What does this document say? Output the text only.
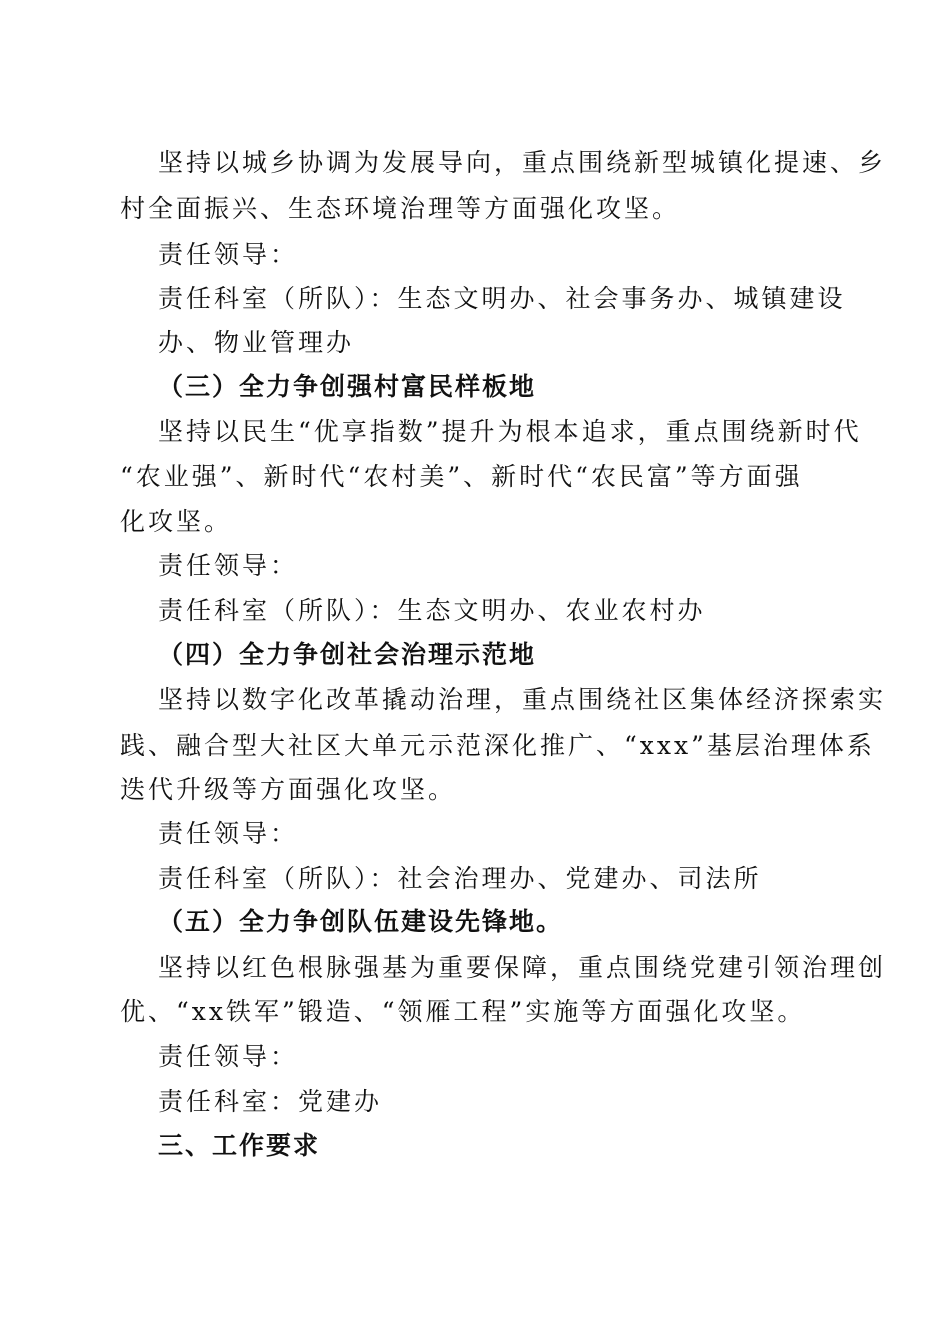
坚持以城乡协调为发展导向，重点围绕新型城镇化提速、乡
村全面振兴、生态环境治理等方面强化攻坚。
责任领导：
责任科室（所队）：生态文明办、社会事务办、城镇建设
办、物业管理办
（三）全力争创强村富民样板地
坚持以民生“优享指数”提升为根本追求，重点围绕新时代
“农业强”、新时代“农村美”、新时代“农民富”等方面强
化攻坚。
责任领导：
责任科室（所队）：生态文明办、农业农村办
（四）全力争创社会治理示范地
坚持以数字化改革撬动治理，重点围绕社区集体经济探索实
践、融合型大社区大单元示范深化推广、“xxx”基层治理体系
迭代升级等方面强化攻坚。
责任领导：
责任科室（所队）：社会治理办、党建办、司法所
（五）全力争创队伍建设先锋地。
坚持以红色根脉强基为重要保障，重点围绕党建引领治理创
优、“xx铁军”锻造、“领雁工程”实施等方面强化攻坚。
责任领导：
责任科室：党建办
三、工作要求
